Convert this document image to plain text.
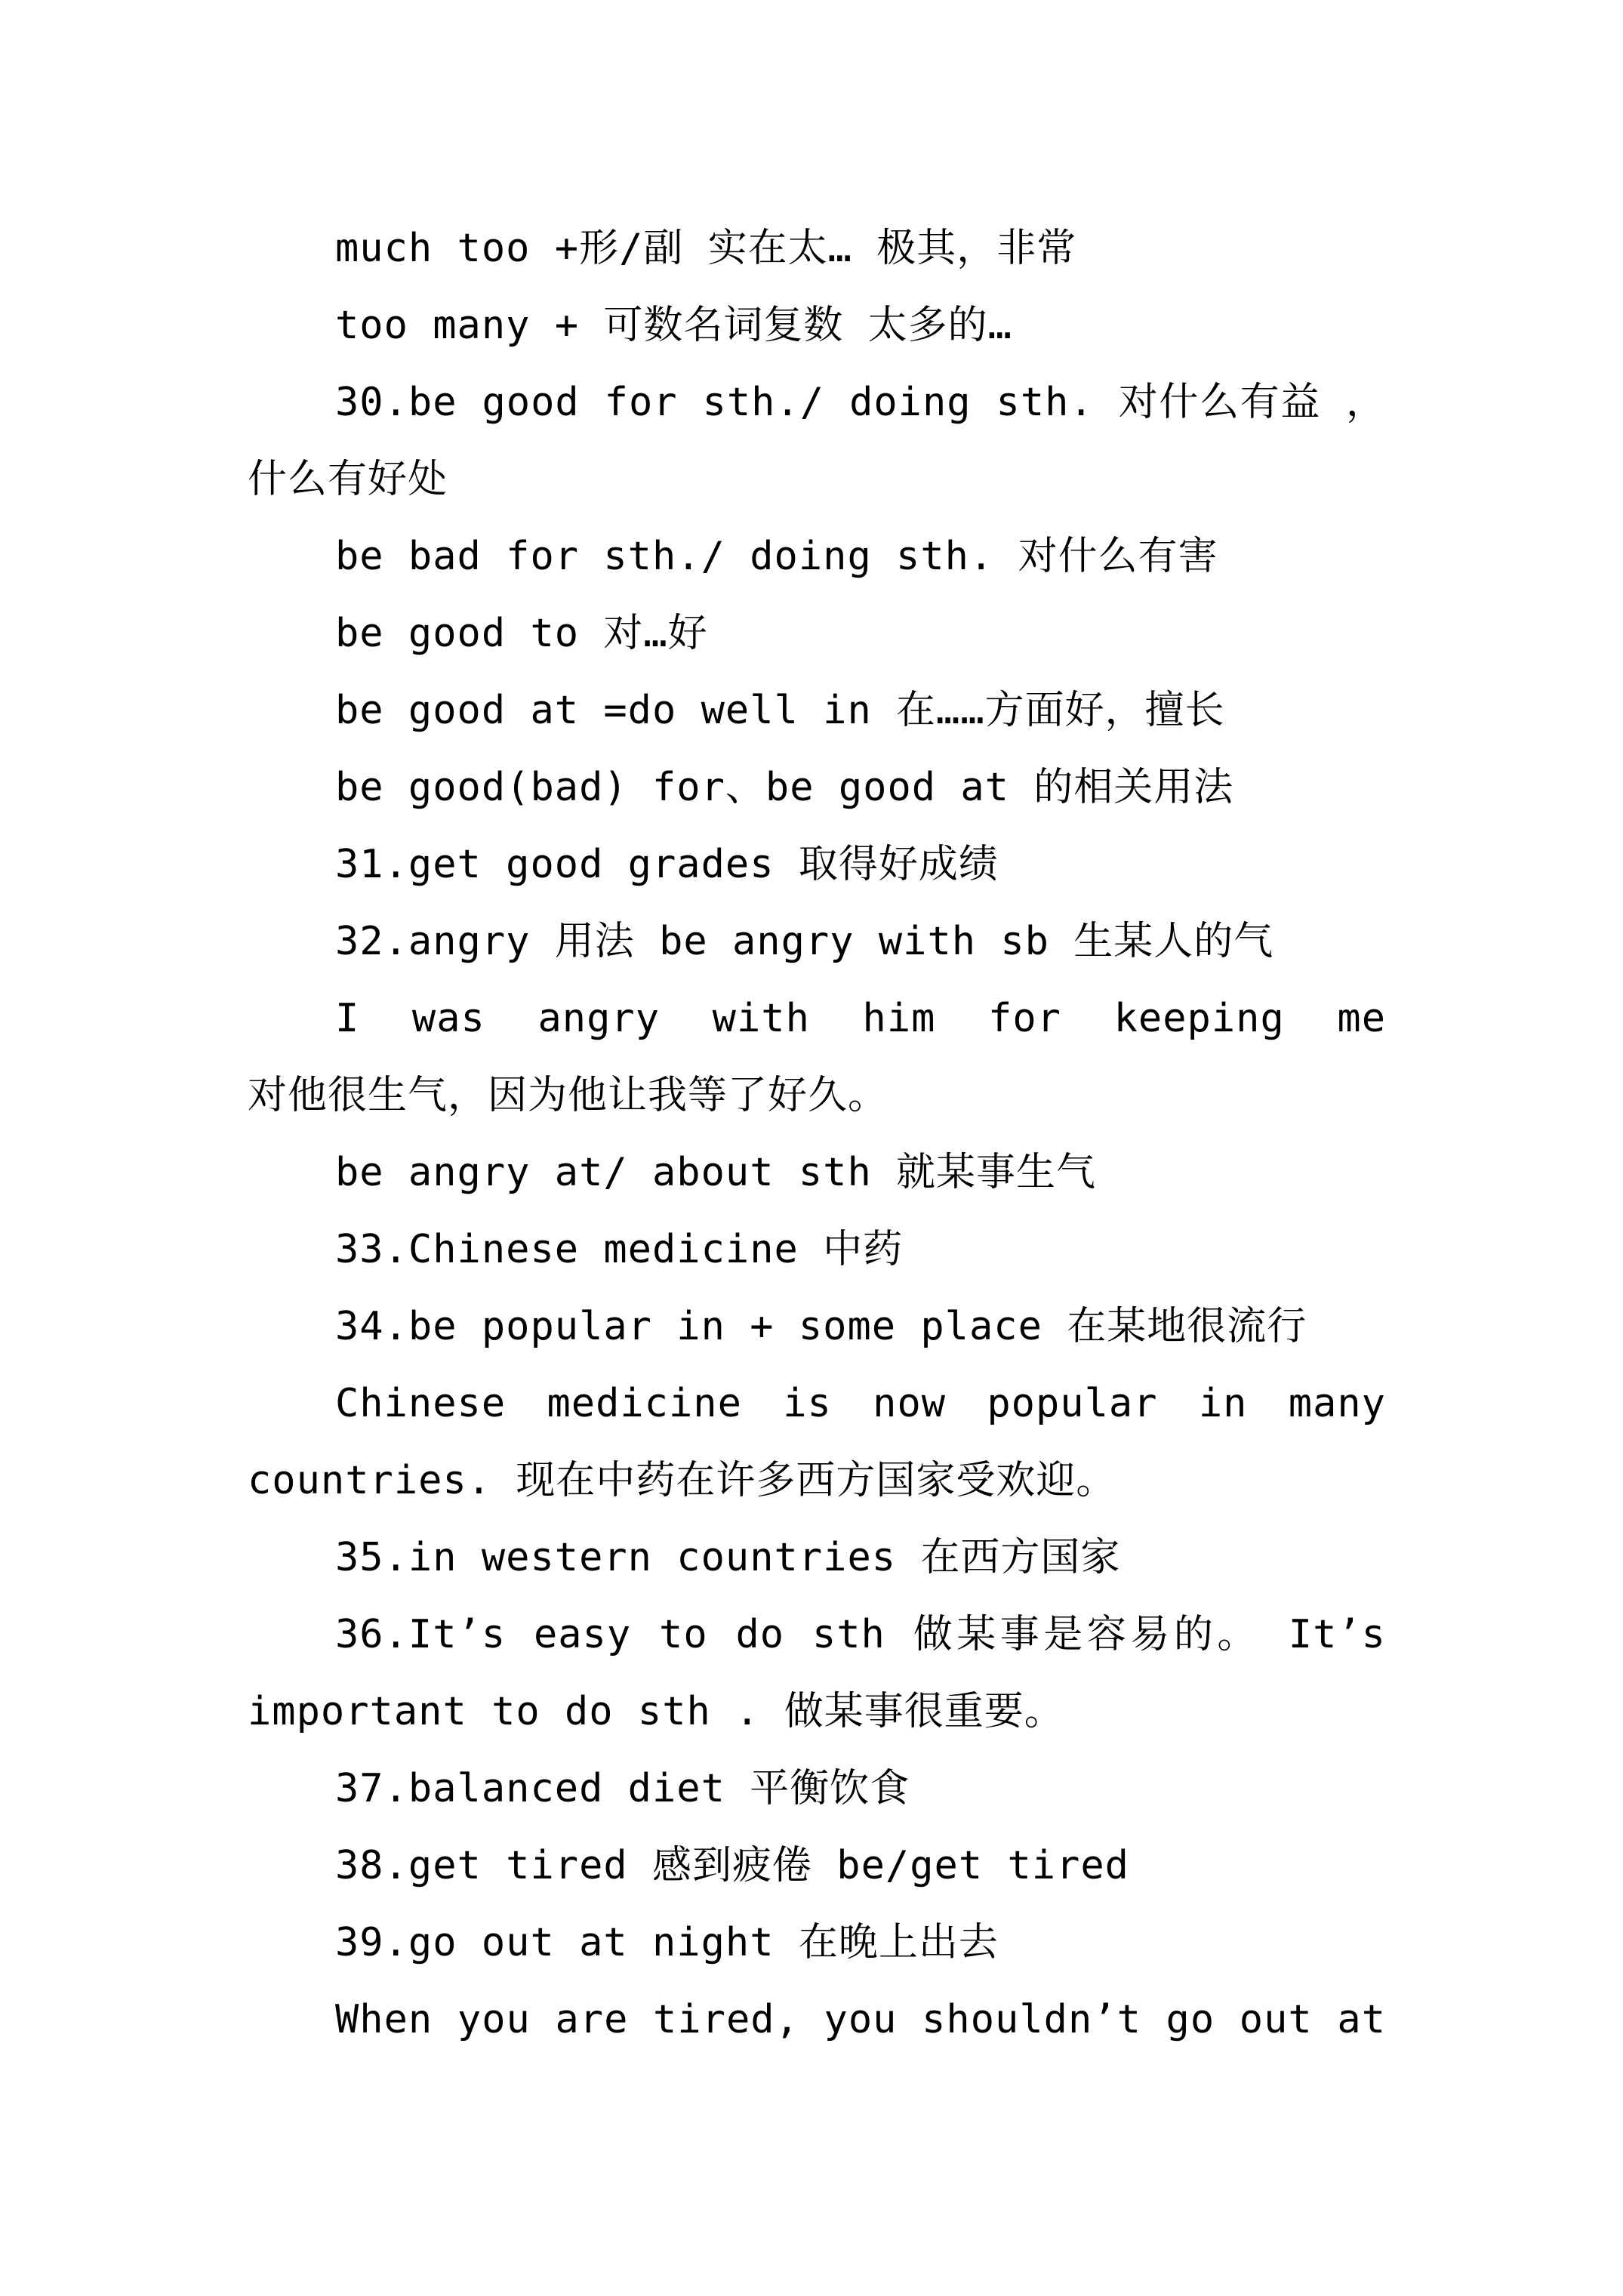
much too +形/副 实在太… 极其，非常
too many + 可数名词复数 太多的…
30.be good for sth./ doing sth. 对什么有益 ，
什么有好处
be bad for sth./ doing sth. 对什么有害
be good to 对…好
be good at =do well in 在……方面好，擅长
be good(bad) for、be good at 的相关用法
31.get good grades 取得好成绩
32.angry 用法 be angry with sb 生某人的气
I was angry with him for keeping me
对他很生气，因为他让我等了好久。
be angry at/ about sth 就某事生气
33.Chinese medicine 中药
34.be popular in + some place 在某地很流行
Chinese medicine is now popular in many
countries. 现在中药在许多西方国家受欢迎。
35.in western countries 在西方国家
36.It’s easy to do sth 做某事是容易的。 It’s
important to do sth . 做某事很重要。
37.balanced diet 平衡饮食
38.get tired 感到疲倦 be/get tired
39.go out at night 在晚上出去
When you are tired, you shouldn’t go out at
